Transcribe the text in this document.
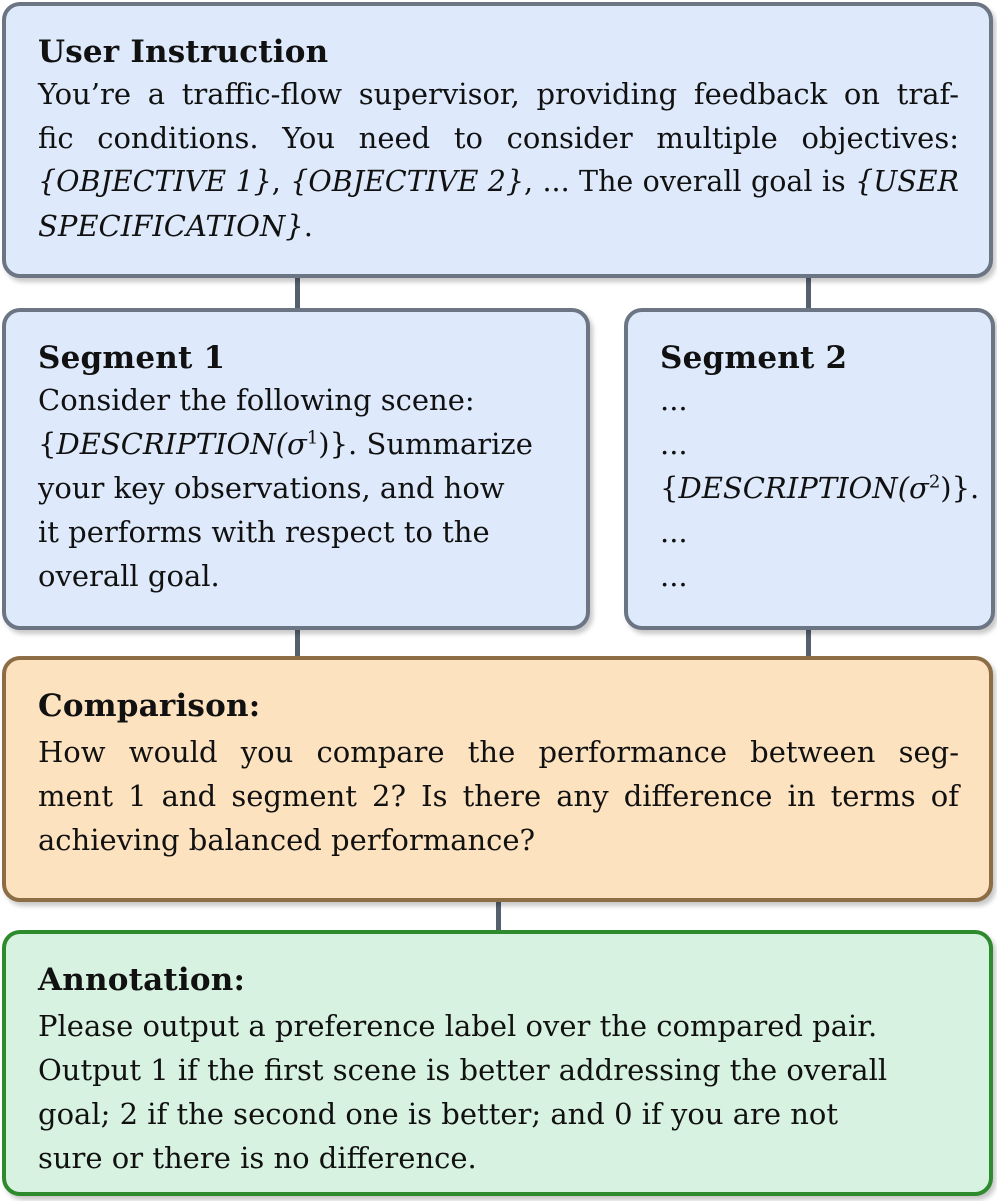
User Instruction
You’re a traffic-flow supervisor, providing feedback on traf-
fic conditions. You need to consider multiple objectives:
{OBJECTIVE 1}, {OBJECTIVE 2}, ... The overall goal is {USER
SPECIFICATION}.
Segment 1
Consider the following scene:
$\{DESCRIPTION(\sigma^1)\}$. Summarize
your key observations, and how
it performs with respect to the
overall goal.
Segment 2
...
...
$\{DESCRIPTION(\sigma^2)\}$.
...
...
Comparison:
How would you compare the performance between seg-
ment 1 and segment 2? Is there any difference in terms of
achieving balanced performance?
Annotation:
Please output a preference label over the compared pair.
Output 1 if the first scene is better addressing the overall
goal; 2 if the second one is better; and 0 if you are not
sure or there is no difference.
